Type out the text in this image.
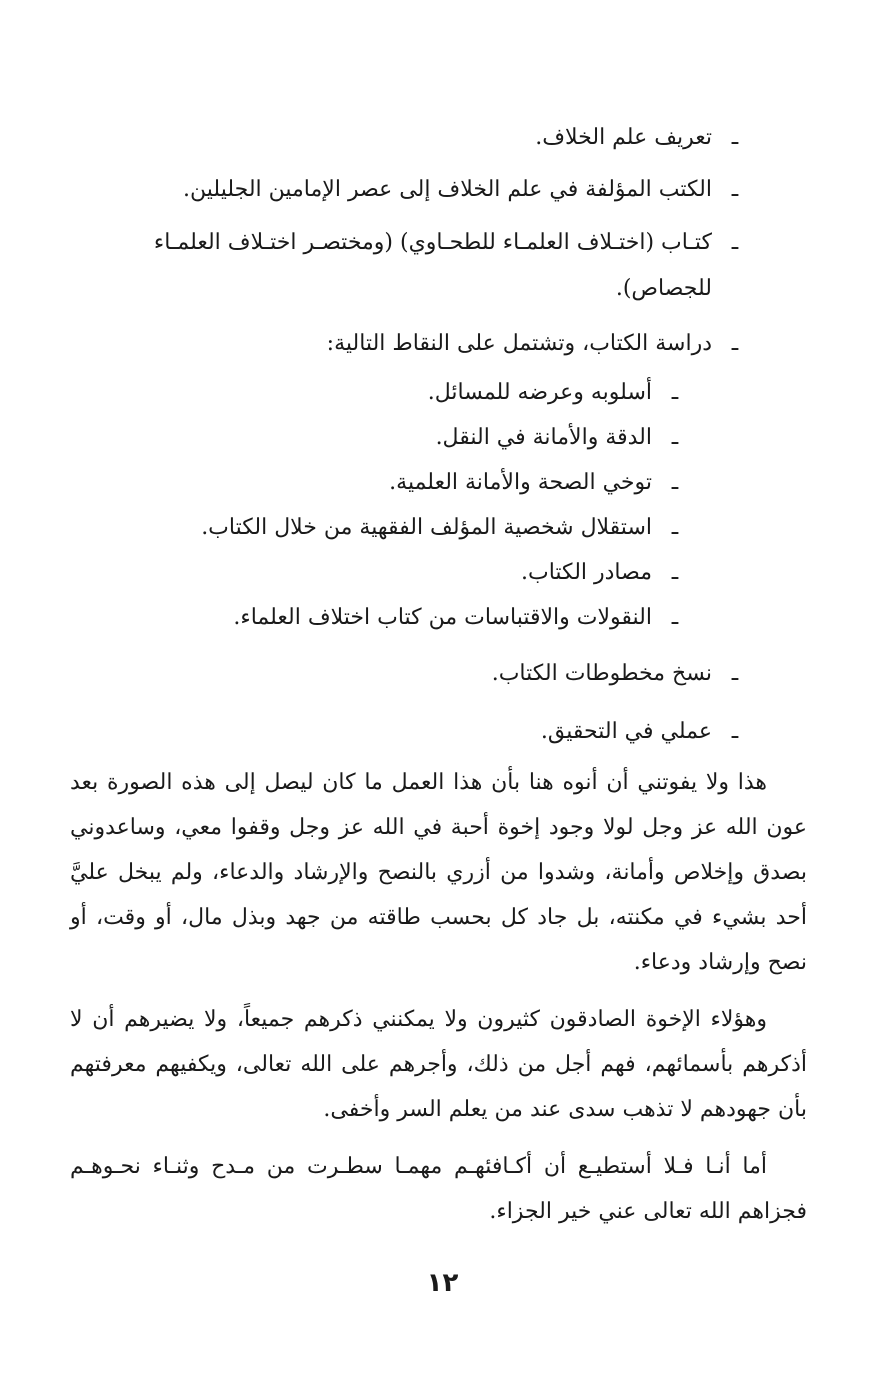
ـ
تعريف علم الخلاف.

ـ
الكتب المؤلفة في علم الخلاف إلى عصر الإمامين الجليلين.

ـ
كتـاب (اختـلاف العلمـاء للطحـاوي) (ومختصـر اختـلاف العلمـاء للجصاص).

ـ
دراسة الكتاب، وتشتمل على النقاط التالية:

ـ
أسلوبه وعرضه للمسائل.

ـ
الدقة والأمانة في النقل.

ـ
توخي الصحة والأمانة العلمية.

ـ
استقلال شخصية المؤلف الفقهية من خلال الكتاب.

ـ
مصادر الكتاب.

ـ
النقولات والاقتباسات من كتاب اختلاف العلماء.

ـ
نسخ مخطوطات الكتاب.

ـ
عملي في التحقيق.

هذا ولا يفوتني أن أنوه هنا بأن هذا العمل ما كان ليصل إلى هذه الصورة بعد عون الله عز وجل لولا وجود إخوة أحبة في الله عز وجل وقفوا معي، وساعدوني بصدق وإخلاص وأمانة، وشدوا من أزري بالنصح والإرشاد والدعاء، ولم يبخل عليَّ أحد بشيء في مكنته، بل جاد كل بحسب طاقته من جهد وبذل مال، أو وقت، أو نصح وإرشاد ودعاء.

وهؤلاء الإخوة الصادقون كثيرون ولا يمكنني ذكرهم جميعاً، ولا يضيرهم أن لا أذكرهم بأسمائهم، فهم أجل من ذلك، وأجرهم على الله تعالى، ويكفيهم معرفتهم بأن جهودهم لا تذهب سدى عند من يعلم السر وأخفى.

أما أنـا فـلا أستطيـع أن أكـافئهـم مهمـا سطـرت من مـدح وثنـاء نحـوهـم فجزاهم الله تعالى عني خير الجزاء.

١٢
